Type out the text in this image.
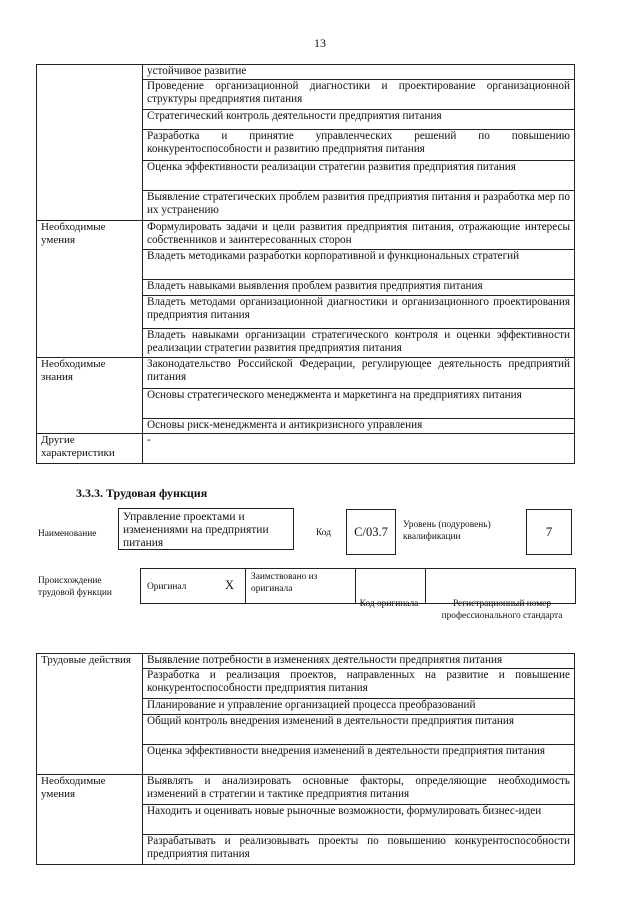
13
	устойчивое развитие
	Проведение организационной диагностики и проектирование организационной структуры предприятия питания
	Стратегический контроль деятельности предприятия питания
	Разработка и принятие управленческих решений по повышению конкурентоспособности и развитию предприятия питания
	Оценка эффективности реализации стратегии развития предприятия питания
	Выявление стратегических проблем развития предприятия питания и разработка мер по их устранению
Необходимые умения	Формулировать задачи и цели развития предприятия питания, отражающие интересы собственников и заинтересованных сторон
	Владеть методиками разработки корпоративной и функциональных стратегий
	Владеть навыками выявления проблем развития предприятия питания
	Владеть методами организационной диагностики и организационного проектирования предприятия питания
	Владеть навыками организации стратегического контроля и оценки эффективности реализации стратегии развития предприятия питания
Необходимые знания	Законодательство Российской Федерации, регулирующее деятельность предприятий питания
	Основы стратегического менеджмента и маркетинга на предприятиях питания
	Основы риск-менеджмента и антикризисного управления
Другие характеристики	-
3.3.3. Трудовая функция
Наименование
Управление проектами и изменениями на предприятии питания
Код	C/03.7	Уровень (подуровень) квалификации	7
Происхождение трудовой функции
Оригинал	X
Заимствовано из оригинала
Код оригинала	Регистрационный номер профессионального стандарта
Трудовые действия	Выявление потребности в изменениях деятельности предприятия питания
	Разработка и реализация проектов, направленных на развитие и повышение конкурентоспособности предприятия питания
	Планирование и управление организацией процесса преобразований
	Общий контроль внедрения изменений в деятельности предприятия питания
	Оценка эффективности внедрения изменений в деятельности предприятия питания
Необходимые умения	Выявлять и анализировать основные факторы, определяющие необходимость изменений в стратегии и тактике предприятия питания
	Находить и оценивать новые рыночные возможности, формулировать бизнес-идеи
	Разрабатывать и реализовывать проекты по повышению конкурентоспособности предприятия питания
